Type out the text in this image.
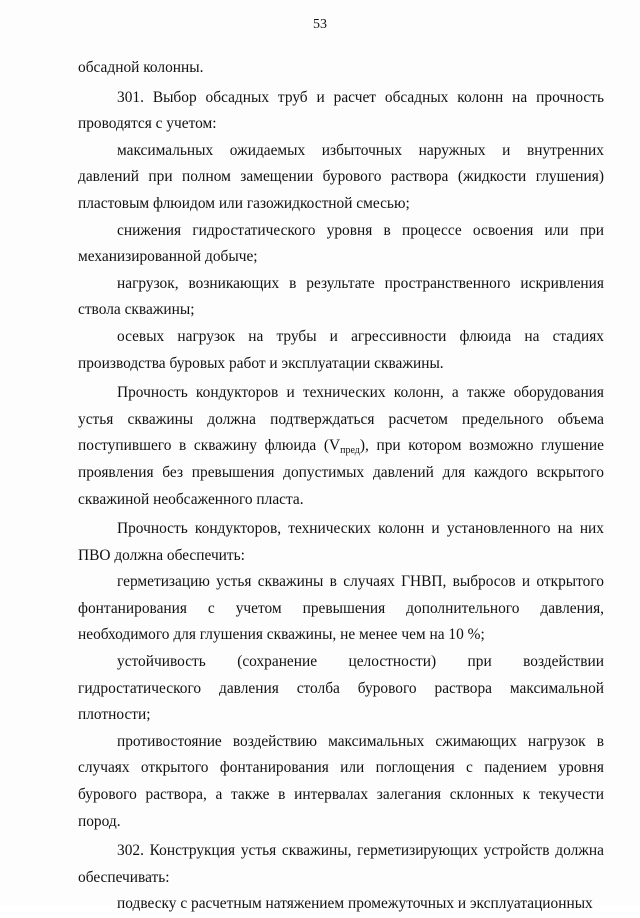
53

обсадной колонны.

301. Выбор обсадных труб и расчет обсадных колонн на прочность проводятся с учетом:

максимальных ожидаемых избыточных наружных и внутренних давлений при полном замещении бурового раствора (жидкости глушения) пластовым флюидом или газожидкостной смесью;

снижения гидростатического уровня в процессе освоения или при механизированной добыче;

нагрузок, возникающих в результате пространственного искривления ствола скважины;

осевых нагрузок на трубы и агрессивности флюида на стадиях производства буровых работ и эксплуатации скважины.

Прочность кондукторов и технических колонн, а также оборудования устья скважины должна подтверждаться расчетом предельного объема поступившего в скважину флюида $(V_{пред})$, при котором возможно глушение проявления без превышения допустимых давлений для каждого вскрытого скважиной необсаженного пласта.

Прочность кондукторов, технических колонн и установленного на них ПВО должна обеспечить:

герметизацию устья скважины в случаях ГНВП, выбросов и открытого фонтанирования с учетом превышения дополнительного давления, необходимого для глушения скважины, не менее чем на 10 %;

устойчивость (сохранение целостности) при воздействии гидростатического давления столба бурового раствора максимальной плотности;

противостояние воздействию максимальных сжимающих нагрузок в случаях открытого фонтанирования или поглощения с падением уровня бурового раствора, а также в интервалах залегания склонных к текучести пород.

302. Конструкция устья скважины, герметизирующих устройств должна обеспечивать:

подвеску с расчетным натяжением промежуточных и эксплуатационных
